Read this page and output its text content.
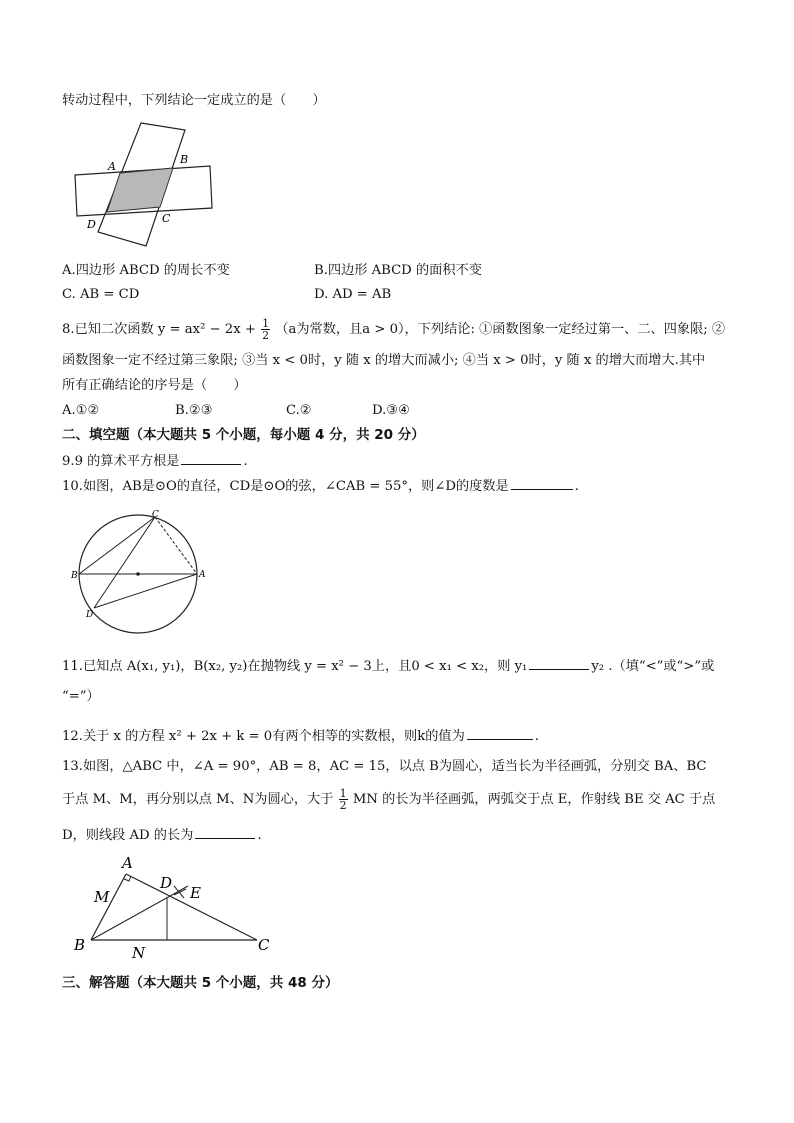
转动过程中，下列结论一定成立的是（　　）
A
B
C
D
A.四边形 ABCD 的周长不变	B.四边形 ABCD 的面积不变
C. AB = CD	D. AD = AB
8.已知二次函数 $y = ax^2 - 2x + \frac{1}{2} (a$为常数，且a > 0），下列结论: ①函数图象一定经过第一、二、四象限; ②
函数图象一定不经过第三象限; ③当 x < 0时，y 随 x 的增大而减小; ④当 x > 0时，y 随 x 的增大而增大.其中
所有正确结论的序号是（　　）
A.①②	B.②③	C.②	D.③④
二、填空题（本大题共 5 个小题，每小题 4 分，共 20 分）
9.9 的算术平方根是	.
10.如图，AB是⊙O的直径，CD是⊙O的弦，∠CAB = 55°，则∠D的度数是	.
C
A
B
D
11.已知点 A(x₁, y₁)，B(x₂, y₂)在抛物线 y = x² − 3上，且0 < x₁ < x₂，则 y₁	y₂ .（填“<”或“>”或
“=”）
12.关于 x 的方程 x² + 2x + k = 0有两个相等的实数根，则k的值为	.
13.如图，△ABC 中，∠A = 90°，AB = 8，AC = 15，以点 B为圆心，适当长为半径画弧，分别交 BA、BC
于点 M、M，再分别以点 M、N为圆心，大于 $\frac{1}{2}$ MN 的长为半径画弧，两弧交于点 E，作射线 BE 交 AC 于点
D，则线段 AD 的长为	.
A
M
D
E
B	N	C
三、解答题（本大题共 5 个小题，共 48 分）
